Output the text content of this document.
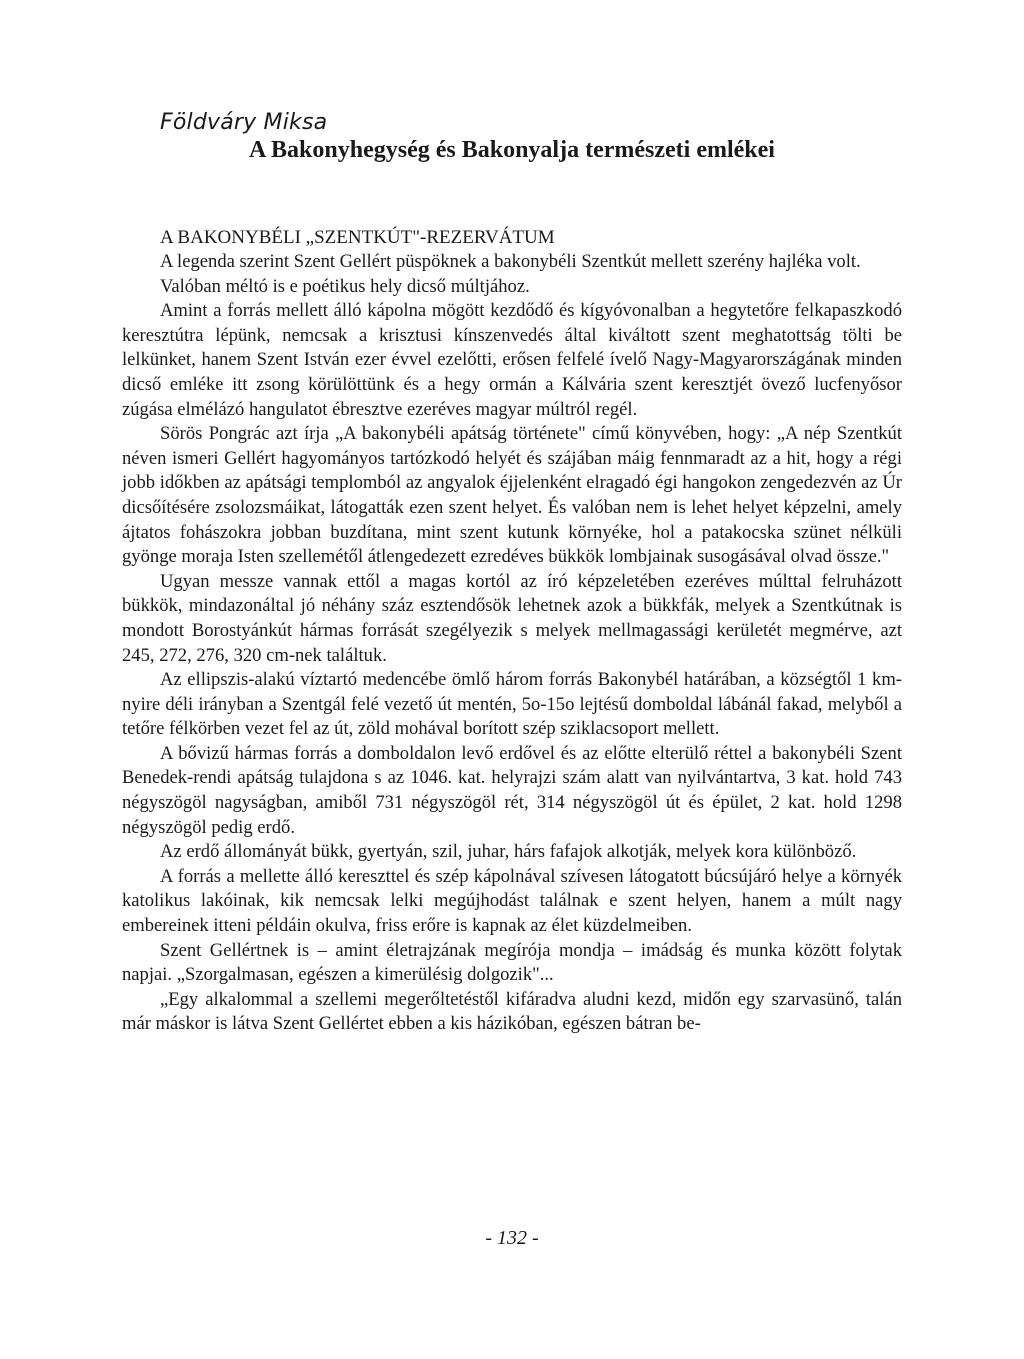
Földváry Miksa
A Bakonyhegység és Bakonyalja természeti emlékei
A BAKONYBÉLI „SZENTKÚT"-REZERVÁTUM

A legenda szerint Szent Gellért püspöknek a bakonybéli Szentkút mellett szerény hajléka volt.

Valóban méltó is e poétikus hely dicső múltjához.

Amint a forrás mellett álló kápolna mögött kezdődő és kígyóvonalban a hegytetőre felkapaszkodó keresztútra lépünk, nemcsak a krisztusi kínszenvedés által kiváltott szent meghatottság tölti be lelkünket, hanem Szent István ezer évvel ezelőtti, erősen felfelé ívelő Nagy-Magyarországának minden dicső emléke itt zsong körülöttünk és a hegy ormán a Kálvária szent keresztjét övező lucfenyősor zúgása elmélázó hangulatot ébresztve ezeréves magyar múltról regél.

Sörös Pongrác azt írja „A bakonybéli apátság története" című könyvében, hogy: „A nép Szentkút néven ismeri Gellért hagyományos tartózkodó helyét és szájában máig fennmaradt az a hit, hogy a régi jobb időkben az apátsági templomból az angyalok éjjelenként elragadó égi hangokon zengedezvén az Úr dicsőítésére zsolozsmáikat, látogatták ezen szent helyet. És valóban nem is lehet helyet képzelni, amely ájtatos fohászokra jobban buzdítana, mint szent kutunk környéke, hol a patakocska szünet nélküli gyönge moraja Isten szellemétől átlengedezett ezredéves bükkök lombjainak susogásával olvad össze."

Ugyan messze vannak ettől a magas kortól az író képzeletében ezeréves múlttal felruházott bükkök, mindazonáltal jó néhány száz esztendősök lehetnek azok a bükkfák, melyek a Szentkútnak is mondott Borostyánkút hármas forrását szegélyezik s melyek mellmagassági kerületét megmérve, azt 245, 272, 276, 320 cm-nek találtuk.

Az ellipszis-alakú víztartó medencébe ömlő három forrás Bakonybél határában, a községtől 1 km-nyire déli irányban a Szentgál felé vezető út mentén, 5o-15o lejtésű domboldal lábánál fakad, melyből a tetőre félkörben vezet fel az út, zöld mohával borított szép sziklacsoport mellett.

A bővizű hármas forrás a domboldalon levő erdővel és az előtte elterülő réttel a bakonybéli Szent Benedek-rendi apátság tulajdona s az 1046. kat. helyrajzi szám alatt van nyilvántartva, 3 kat. hold 743 négyszögöl nagyságban, amiből 731 négyszögöl rét, 314 négyszögöl út és épület, 2 kat. hold 1298 négyszögöl pedig erdő.

Az erdő állományát bükk, gyertyán, szil, juhar, hárs fafajok alkotják, melyek kora különböző.

A forrás a mellette álló kereszttel és szép kápolnával szívesen látogatott búcsújáró helye a környék katolikus lakóinak, kik nemcsak lelki megújhodást találnak e szent helyen, hanem a múlt nagy embereinek itteni példáin okulva, friss erőre is kapnak az élet küzdelmeiben.

Szent Gellértnek is – amint életrajzának megírója mondja – imádság és munka között folytak napjai. „Szorgalmasan, egészen a kimerülésig dolgozik"...

„Egy alkalommal a szellemi megerőltetéstől kifáradva aludni kezd, midőn egy szarvasünő, talán már máskor is látva Szent Gellértet ebben a kis házikóban, egészen bátran be-

- 132 -
